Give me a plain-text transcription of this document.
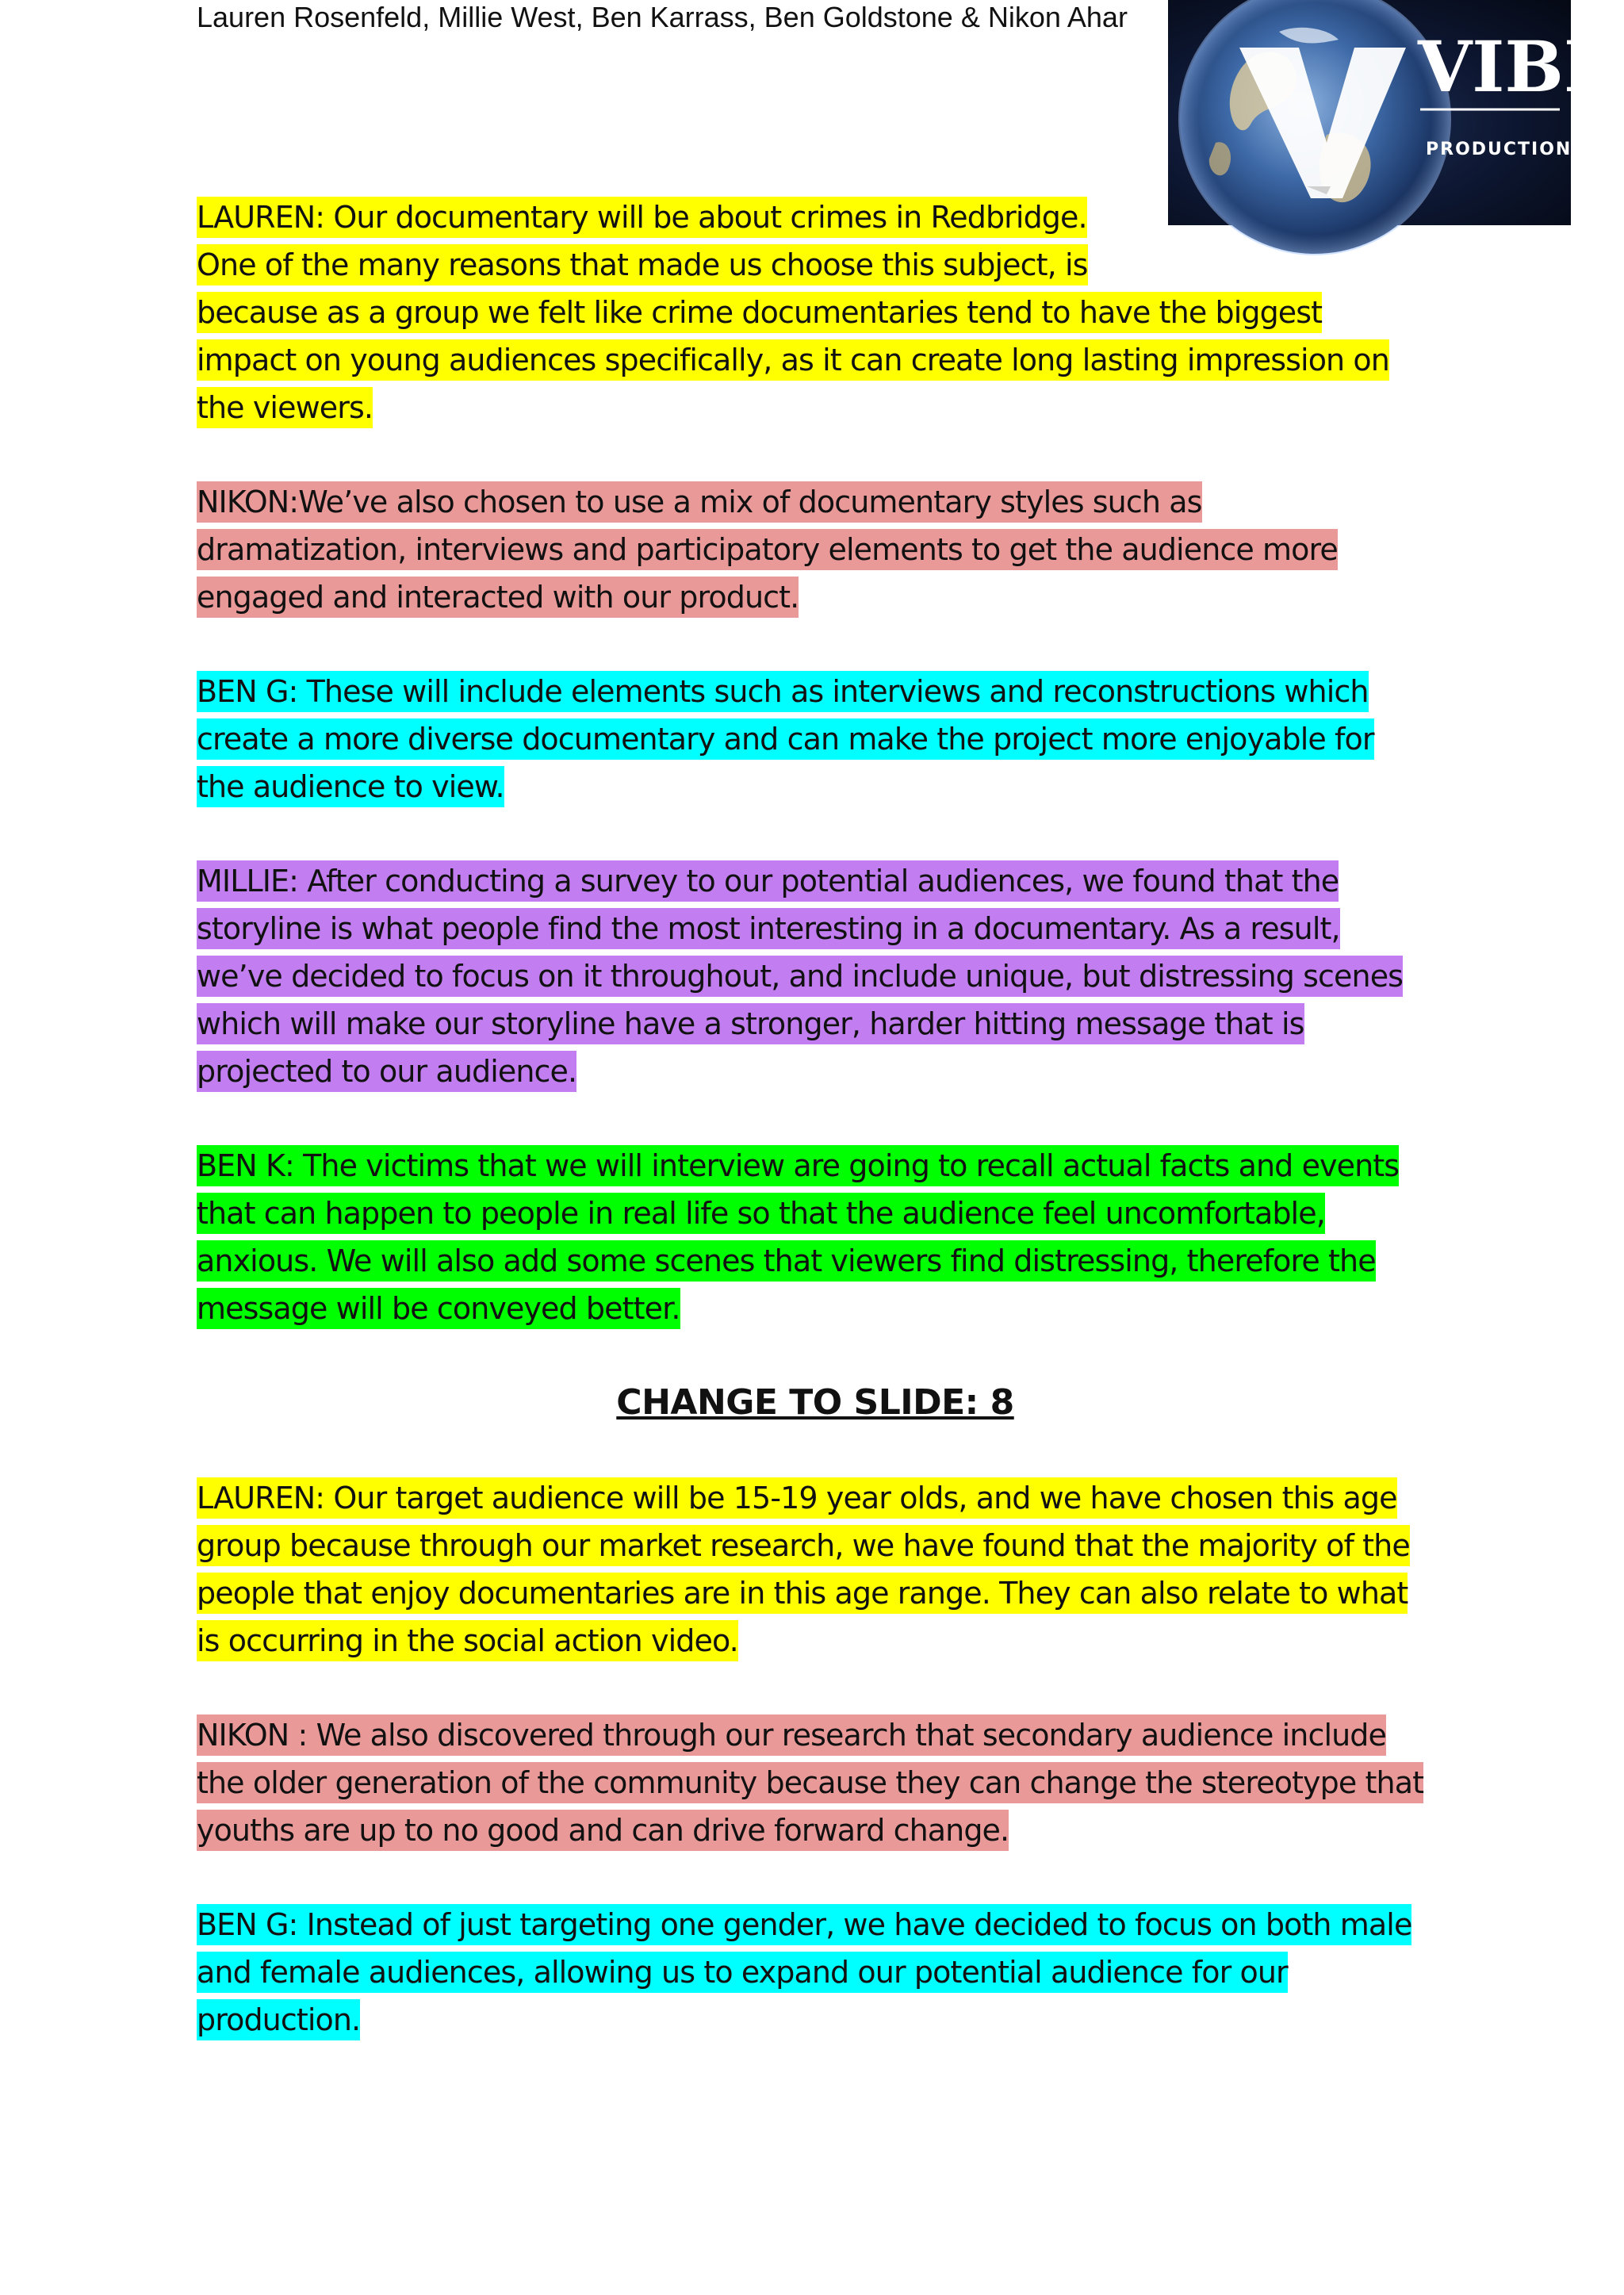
Lauren Rosenfeld, Millie West, Ben Karrass, Ben Goldstone & Nikon Ahar
VIBE
PRODUCTIONS
LAUREN: Our documentary will be about crimes in Redbridge.One of the many reasons that made us choose this subject, isbecause as a group we felt like crime documentaries tend to have the biggestimpact on young audiences specifically, as it can create long lasting impression onthe viewers.
NIKON:We’ve also chosen to use a mix of documentary styles such asdramatization, interviews and participatory elements to get the audience moreengaged and interacted with our product.
BEN G: These will include elements such as interviews and reconstructions whichcreate a more diverse documentary and can make the project more enjoyable forthe audience to view.
MILLIE: After conducting a survey to our potential audiences, we found that thestoryline is what people find the most interesting in a documentary. As a result,we’ve decided to focus on it throughout, and include unique, but distressing sceneswhich will make our storyline have a stronger, harder hitting message that isprojected to our audience.
BEN K: The victims that we will interview are going to recall actual facts and eventsthat can happen to people in real life so that the audience feel uncomfortable,anxious. We will also add some scenes that viewers find distressing, therefore themessage will be conveyed better.
CHANGE TO SLIDE: 8
LAUREN: Our target audience will be 15-19 year olds, and we have chosen this agegroup because through our market research, we have found that the majority of thepeople that enjoy documentaries are in this age range. They can also relate to whatis occurring in the social action video.
NIKON : We also discovered through our research that secondary audience includethe older generation of the community because they can change the stereotype thatyouths are up to no good and can drive forward change.
BEN G: Instead of just targeting one gender, we have decided to focus on both maleand female audiences, allowing us to expand our potential audience for ourproduction.
